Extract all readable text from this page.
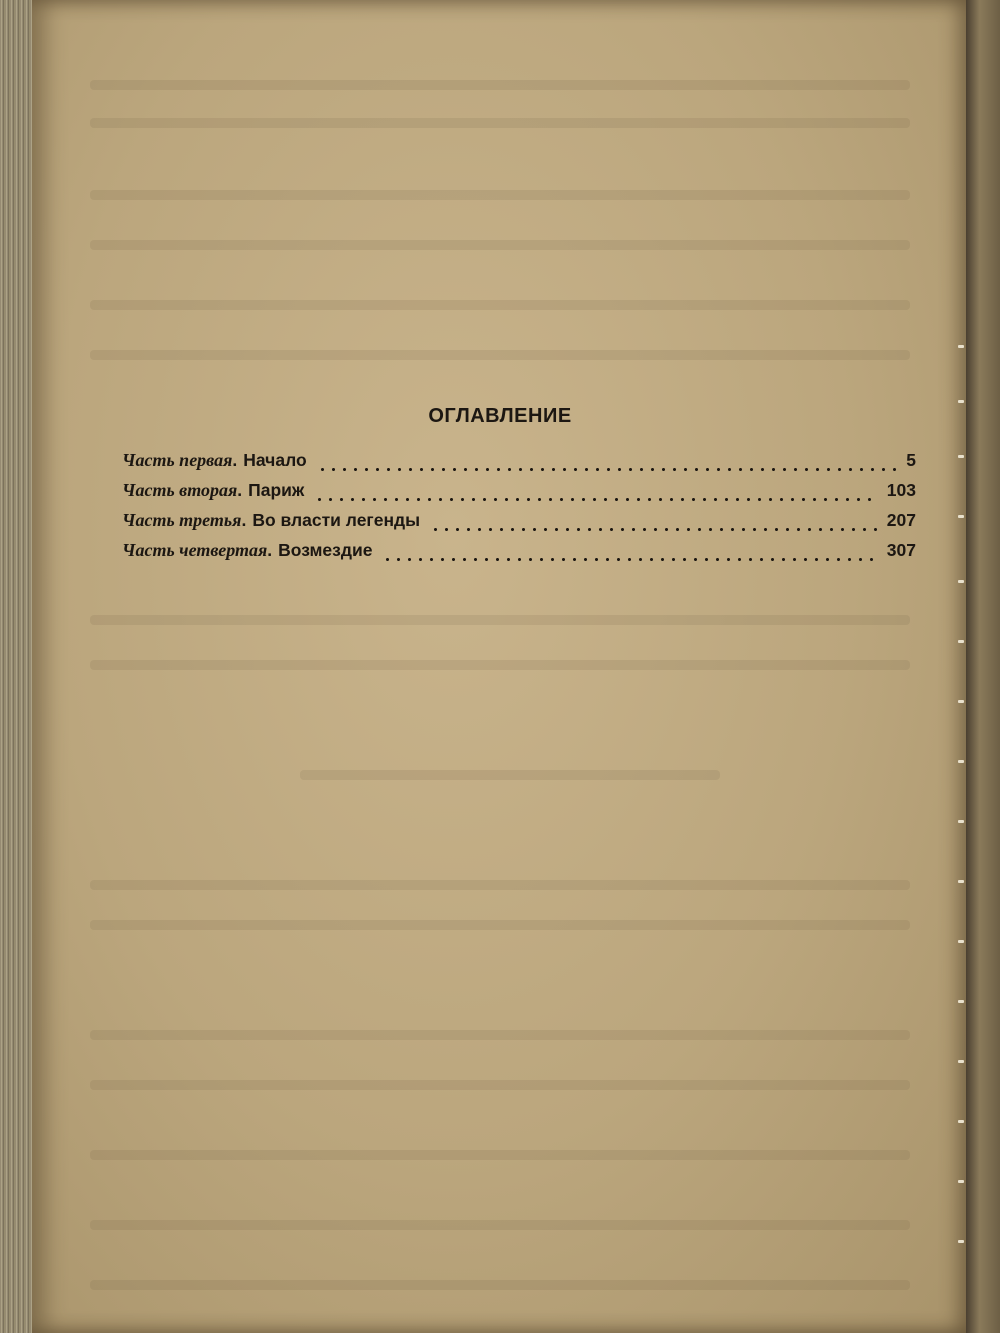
ОГЛАВЛЕНИЕ
Часть первая . Начало	5
Часть вторая . Париж	103
Часть третья . Во власти легенды	207
Часть четвертая . Возмездие	307
